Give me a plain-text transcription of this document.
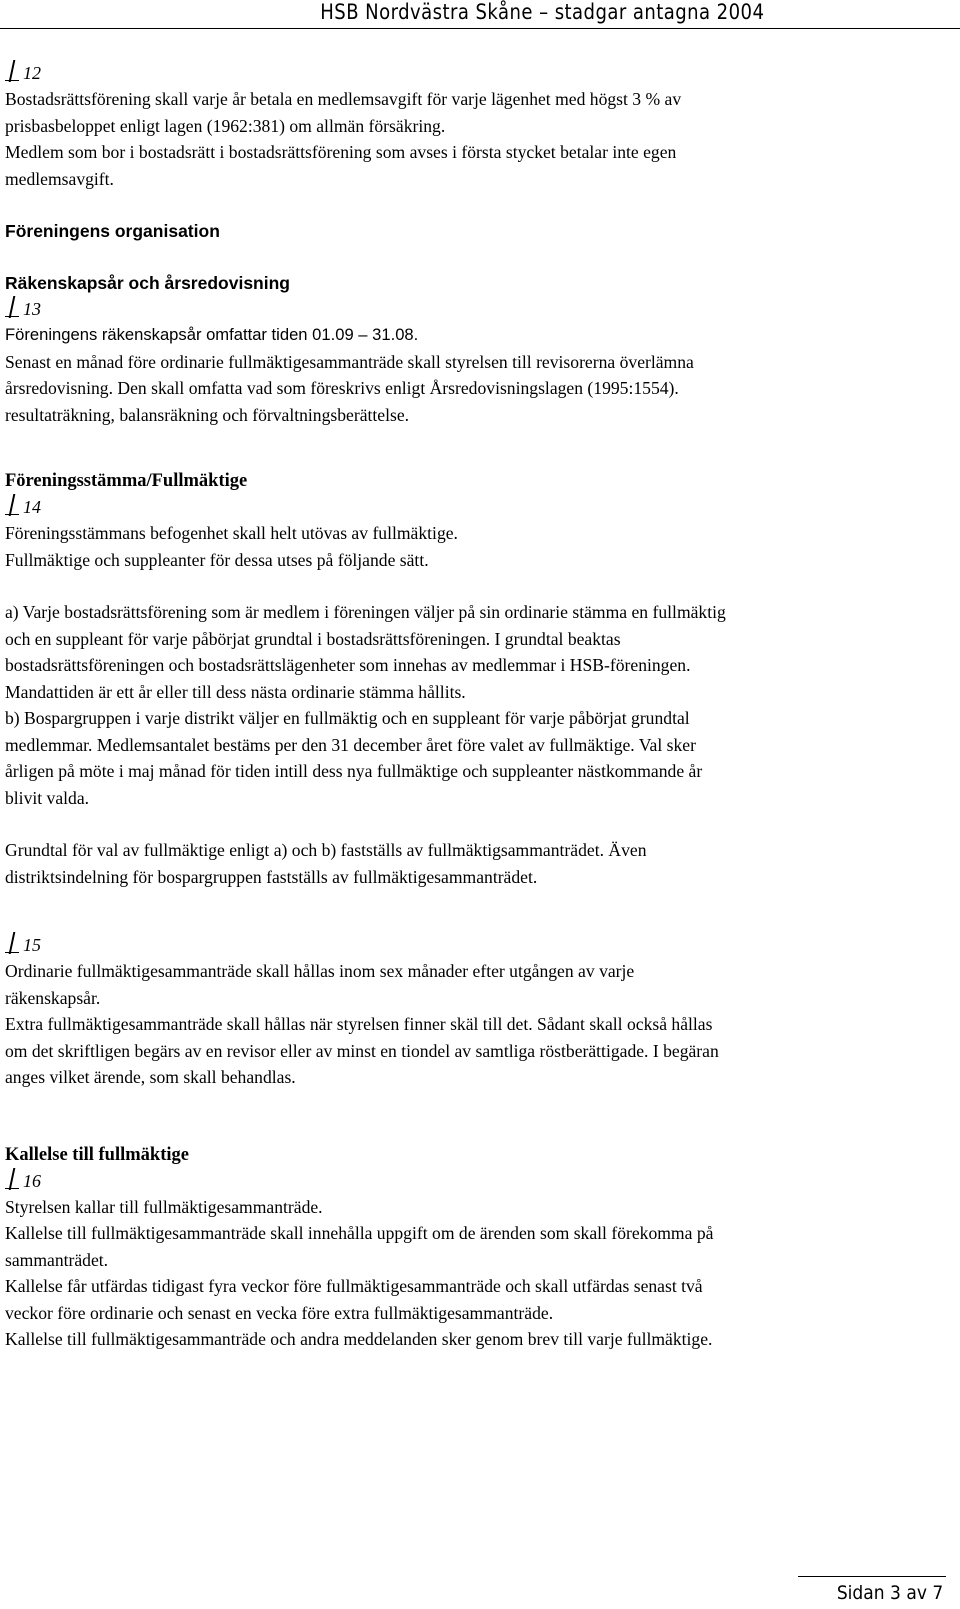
HSB Nordvästra Skåne – stadgar antagna 2004
12

Bostadsrättsförening skall varje år betala en medlemsavgift för varje lägenhet med högst 3 % av

prisbasbeloppet enligt lagen (1962:381) om allmän försäkring.

Medlem som bor i bostadsrätt i bostadsrättsförening som avses i första stycket betalar inte egen

medlemsavgift.

Föreningens organisation

Räkenskapsår och årsredovisning

13

Föreningens räkenskapsår omfattar tiden 01.09 – 31.08.

Senast en månad före ordinarie fullmäktigesammanträde skall styrelsen till revisorerna överlämna

årsredovisning. Den skall omfatta vad som föreskrivs enligt Årsredovisningslagen (1995:1554).

resultaträkning, balansräkning och förvaltningsberättelse.

Föreningsstämma/Fullmäktige

14

Föreningsstämmans befogenhet skall helt utövas av fullmäktige.

Fullmäktige och suppleanter för dessa utses på följande sätt.

a) Varje bostadsrättsförening som är medlem i föreningen väljer på sin ordinarie stämma en fullmäktig

och en suppleant för varje påbörjat grundtal i bostadsrättsföreningen. I grundtal beaktas

bostadsrättsföreningen och bostadsrättslägenheter som innehas av medlemmar i HSB-föreningen.

Mandattiden är ett år eller till dess nästa ordinarie stämma hållits.

b) Bospargruppen i varje distrikt väljer en fullmäktig och en suppleant för varje påbörjat grundtal

medlemmar. Medlemsantalet bestäms per den 31 december året före valet av fullmäktige. Val sker

årligen på möte i maj månad för tiden intill dess nya fullmäktige och suppleanter nästkommande år

blivit valda.

Grundtal för val av fullmäktige enligt a) och b) fastställs av fullmäktigsammanträdet. Även

distriktsindelning för bospargruppen fastställs av fullmäktigesammanträdet.

15

Ordinarie fullmäktigesammanträde skall hållas inom sex månader efter utgången av varje

räkenskapsår.

Extra fullmäktigesammanträde skall hållas när styrelsen finner skäl till det. Sådant skall också hållas

om det skriftligen begärs av en revisor eller av minst en tiondel av samtliga röstberättigade. I begäran

anges vilket ärende, som skall behandlas.

Kallelse till fullmäktige

16

Styrelsen kallar till fullmäktigesammanträde.

Kallelse till fullmäktigesammanträde skall innehålla uppgift om de ärenden som skall förekomma på

sammanträdet.

Kallelse får utfärdas tidigast fyra veckor före fullmäktigesammanträde och skall utfärdas senast två

veckor före ordinarie och senast en vecka före extra fullmäktigesammanträde.

Kallelse till fullmäktigesammanträde och andra meddelanden sker genom brev till varje fullmäktige.

Sidan 3 av 7
